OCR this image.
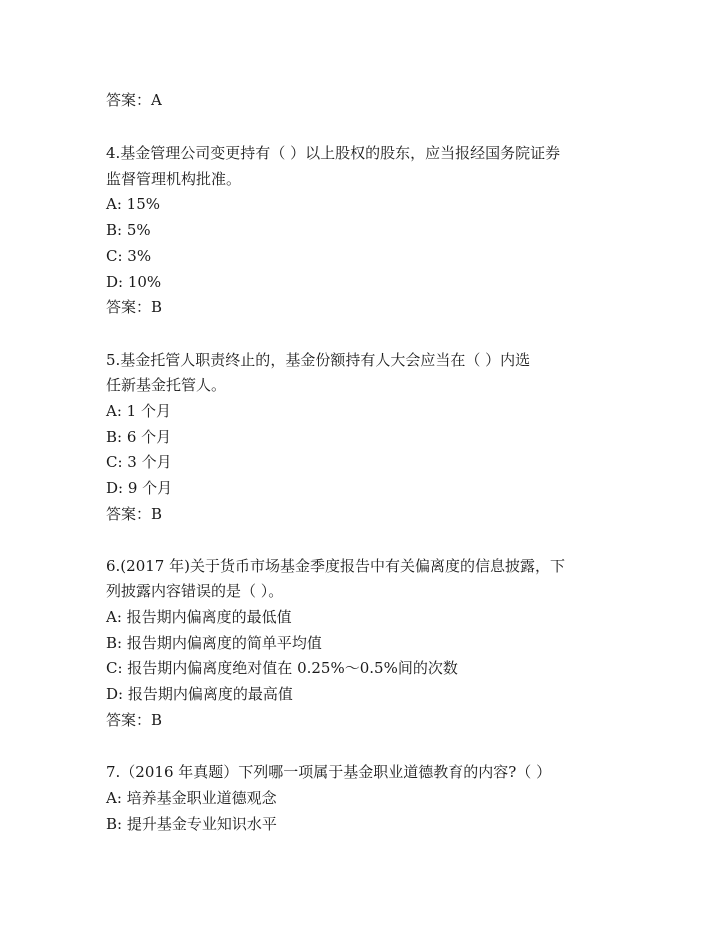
答案：A
4.基金管理公司变更持有（ ）以上股权的股东，应当报经国务院证券
监督管理机构批准。
A: 15%
B: 5%
C: 3%
D: 10%
答案：B
5.基金托管人职责终止的，基金份额持有人大会应当在（ ）内选
任新基金托管人。
A: 1 个月
B: 6 个月
C: 3 个月
D: 9 个月
答案：B
6.(2017 年)关于货币市场基金季度报告中有关偏离度的信息披露，下
列披露内容错误的是（ ）。
A: 报告期内偏离度的最低值
B: 报告期内偏离度的简单平均值
C: 报告期内偏离度绝对值在 0.25%～0.5%间的次数
D: 报告期内偏离度的最高值
答案：B
7.（2016 年真题）下列哪一项属于基金职业道德教育的内容?（ ）
A: 培养基金职业道德观念
B: 提升基金专业知识水平
